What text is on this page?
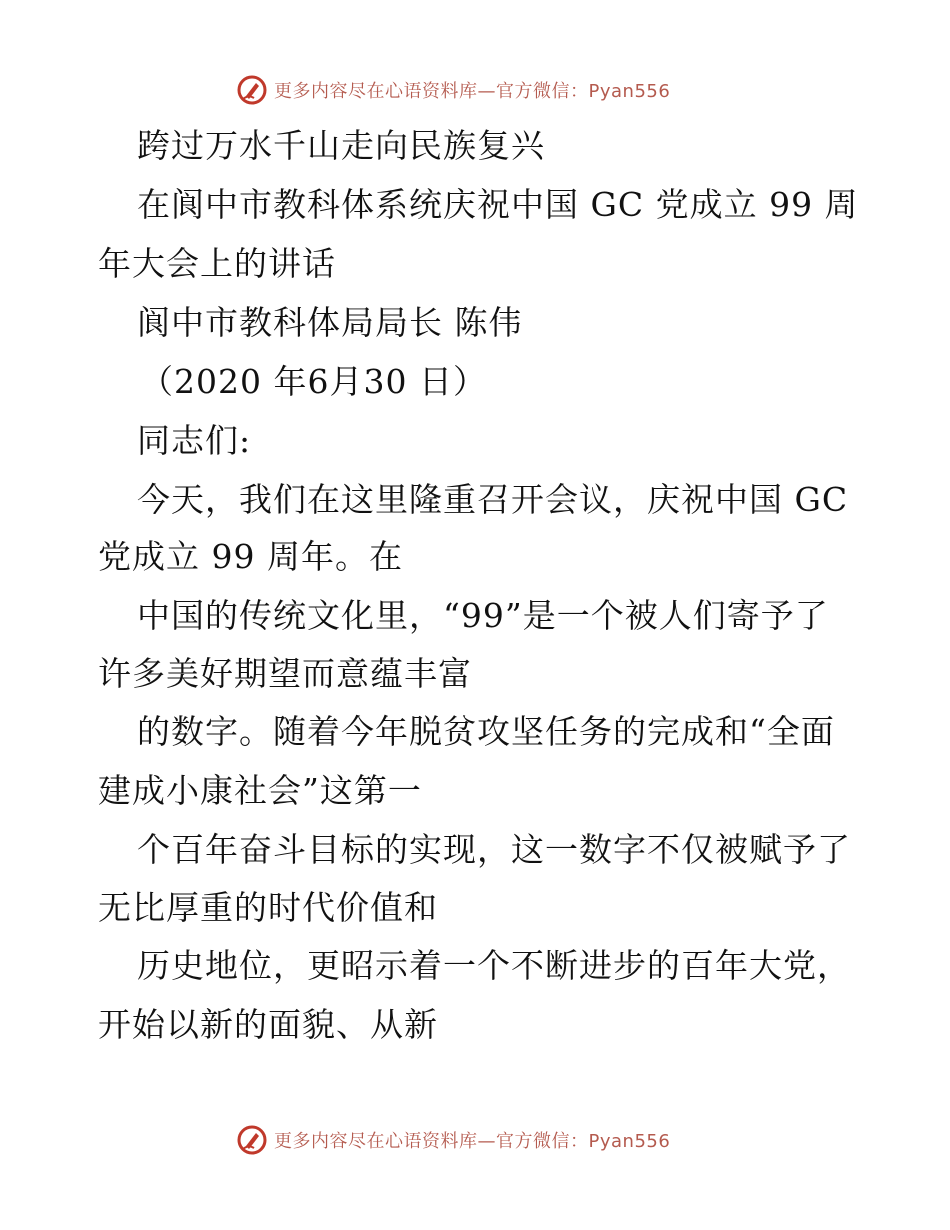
更多内容尽在心语资料库—官方微信：Pyan556
跨过万水千山走向民族复兴
在阆中市教科体系统庆祝中国 GC 党成立 99 周
年大会上的讲话
阆中市教科体局局长 陈伟
（2020 年6月30 日）
同志们:
今天，我们在这里隆重召开会议，庆祝中国 GC
党成立 99 周年。在
中国的传统文化里，“99”是一个被人们寄予了
许多美好期望而意蕴丰富
的数字。随着今年脱贫攻坚任务的完成和“全面
建成小康社会”这第一
个百年奋斗目标的实现，这一数字不仅被赋予了
无比厚重的时代价值和
历史地位，更昭示着一个不断进步的百年大党，
开始以新的面貌、从新
更多内容尽在心语资料库—官方微信：Pyan556
